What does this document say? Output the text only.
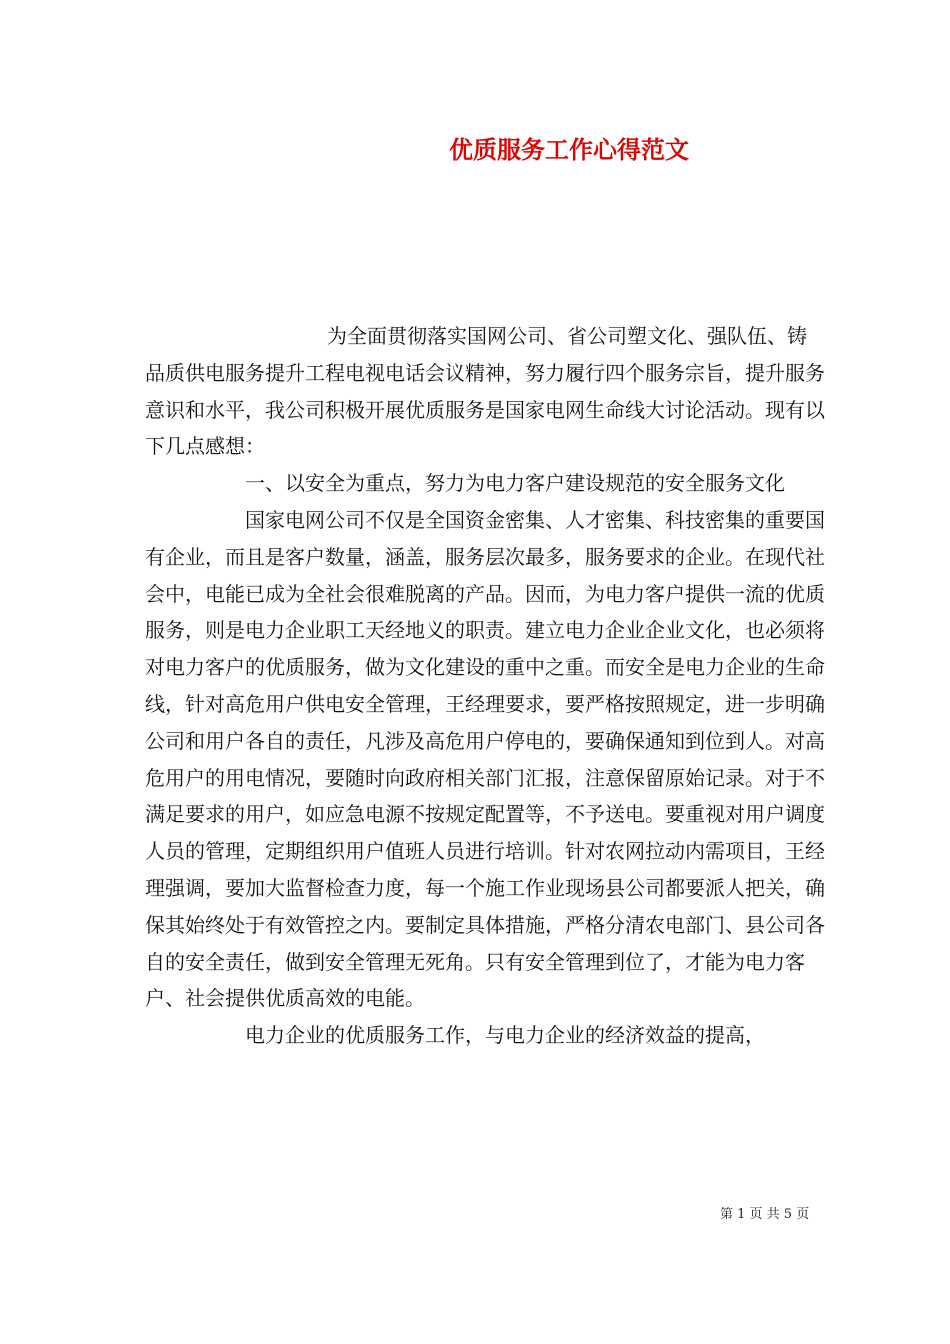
优质服务工作心得范文

为全面贯彻落实国网公司、省公司塑文化、强队伍、铸品质供电服务提升工程电视电话会议精神，努力履行四个服务宗旨，提升服务意识和水平，我公司积极开展优质服务是国家电网生命线大讨论活动。现有以下几点感想：

一、以安全为重点，努力为电力客户建设规范的安全服务文化

国家电网公司不仅是全国资金密集、人才密集、科技密集的重要国有企业，而且是客户数量，涵盖，服务层次最多，服务要求的企业。在现代社会中，电能已成为全社会很难脱离的产品。因而，为电力客户提供一流的优质服务，则是电力企业职工天经地义的职责。建立电力企业企业文化，也必须将对电力客户的优质服务，做为文化建设的重中之重。而安全是电力企业的生命线，针对高危用户供电安全管理，王经理要求，要严格按照规定，进一步明确公司和用户各自的责任，凡涉及高危用户停电的，要确保通知到位到人。对高危用户的用电情况，要随时向政府相关部门汇报，注意保留原始记录。对于不满足要求的用户，如应急电源不按规定配置等，不予送电。要重视对用户调度人员的管理，定期组织用户值班人员进行培训。针对农网拉动内需项目，王经理强调，要加大监督检查力度，每一个施工作业现场县公司都要派人把关，确保其始终处于有效管控之内。要制定具体措施，严格分清农电部门、县公司各自的安全责任，做到安全管理无死角。只有安全管理到位了，才能为电力客户、社会提供优质高效的电能。

电力企业的优质服务工作，与电力企业的经济效益的提高，

第 1 页 共 5 页
